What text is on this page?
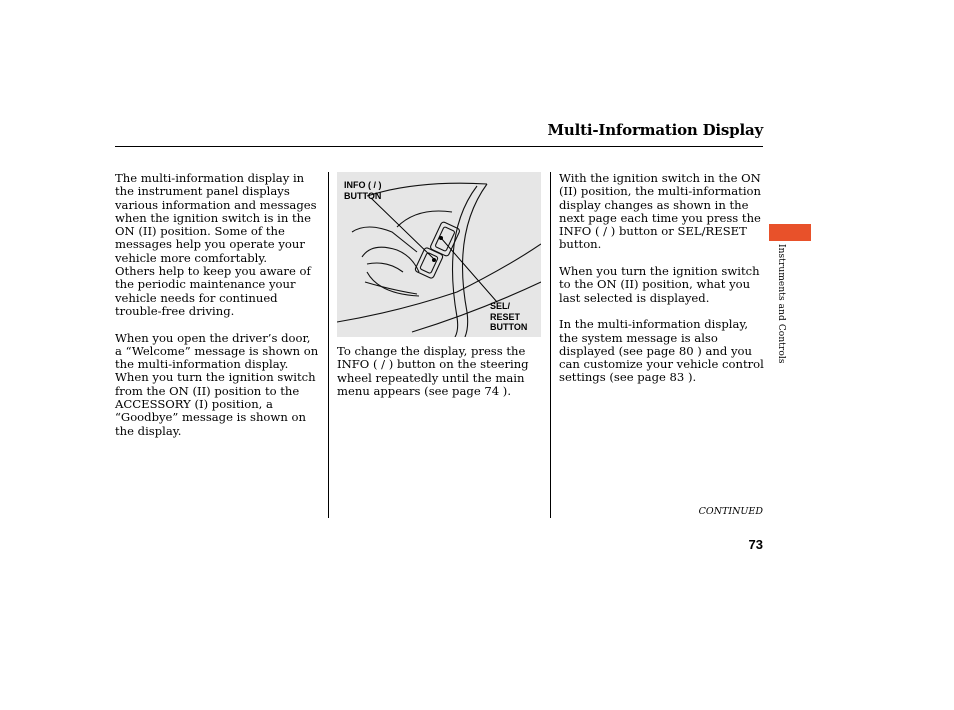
Multi-Information Display

The multi-information display in the instrument panel displays various information and messages when the ignition switch is in the ON (II) position. Some of the messages help you operate your vehicle more comfortably.

Others help to keep you aware of the periodic maintenance your vehicle needs for continued trouble-free driving.

When you open the driver’s door, a “Welcome” message is shown on the multi-information display. When you turn the ignition switch from the ON (II) position to the ACCESSORY (I) position, a “Goodbye” message is shown on the display.

INFO ( / )
BUTTON
SEL/
RESET
BUTTON

To change the display, press the INFO ( / ) button on the steering wheel repeatedly until the main menu appears (see page 74 ).

With the ignition switch in the ON (II) position, the multi-information display changes as shown in the next page each time you press the INFO ( / ) button or SEL/RESET button.

When you turn the ignition switch to the ON (II) position, what you last selected is displayed.

In the multi-information display, the system message is also displayed (see page 80 ) and you can customize your vehicle control settings (see page 83 ).

Instruments and Controls
CONTINUED
73
